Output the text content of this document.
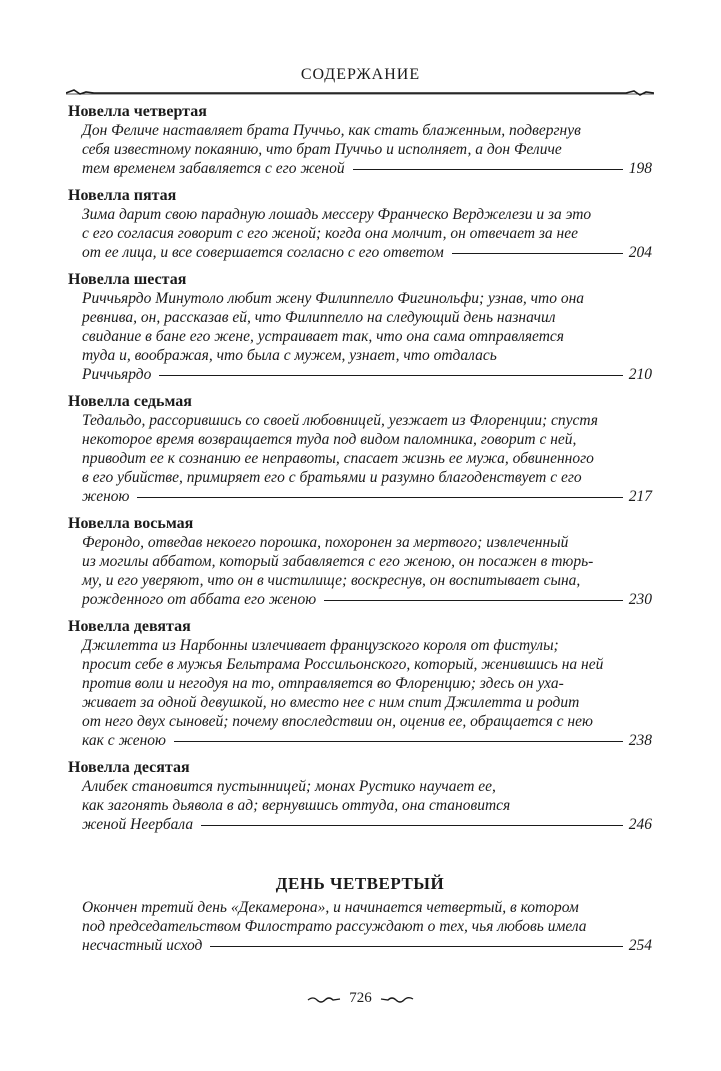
СОДЕРЖАНИЕ
Новелла четвертая
Дон Феличе наставляет брата Пуччьо, как стать блаженным, подвергнув
себя известному покаянию, что брат Пуччьо и исполняет, а дон Феличе
тем временем забавляется с его женой	198
Новелла пятая
Зима дарит свою парадную лошадь мессеру Франческо Верджелези и за это
с его согласия говорит с его женой; когда она молчит, он отвечает за нее
от ее лица, и все совершается согласно с его ответом	204
Новелла шестая
Риччьярдо Минутоло любит жену Филиппелло Фигинольфи; узнав, что она
ревнива, он, рассказав ей, что Филиппелло на следующий день назначил
свидание в бане его жене, устраивает так, что она сама отправляется
туда и, воображая, что была с мужем, узнает, что отдалась
Риччьярдо	210
Новелла седьмая
Тедальдо, рассорившись со своей любовницей, уезжает из Флоренции; спустя
некоторое время возвращается туда под видом паломника, говорит с ней,
приводит ее к сознанию ее неправоты, спасает жизнь ее мужа, обвиненного
в его убийстве, примиряет его с братьями и разумно благоденствует с его
женою	217
Новелла восьмая
Ферондо, отведав некоего порошка, похоронен за мертвого; извлеченный
из могилы аббатом, который забавляется с его женою, он посажен в тюрь-
му, и его уверяют, что он в чистилище; воскреснув, он воспитывает сына,
рожденного от аббата его женою	230
Новелла девятая
Джилетта из Нарбонны излечивает французского короля от фистулы;
просит себе в мужья Бельтрама Россильонского, который, женившись на ней
против воли и негодуя на то, отправляется во Флоренцию; здесь он уха-
живает за одной девушкой, но вместо нее с ним спит Джилетта и родит
от него двух сыновей; почему впоследствии он, оценив ее, обращается с нею
как с женою	238
Новелла десятая
Алибек становится пустынницей; монах Рустико научает ее,
как загонять дьявола в ад; вернувшись оттуда, она становится
женой Неербала	246
ДЕНЬ ЧЕТВЕРТЫЙ
Окончен третий день «Декамерона», и начинается четвертый, в котором
под председательством Филострато рассуждают о тех, чья любовь имела
несчастный исход	254
726
